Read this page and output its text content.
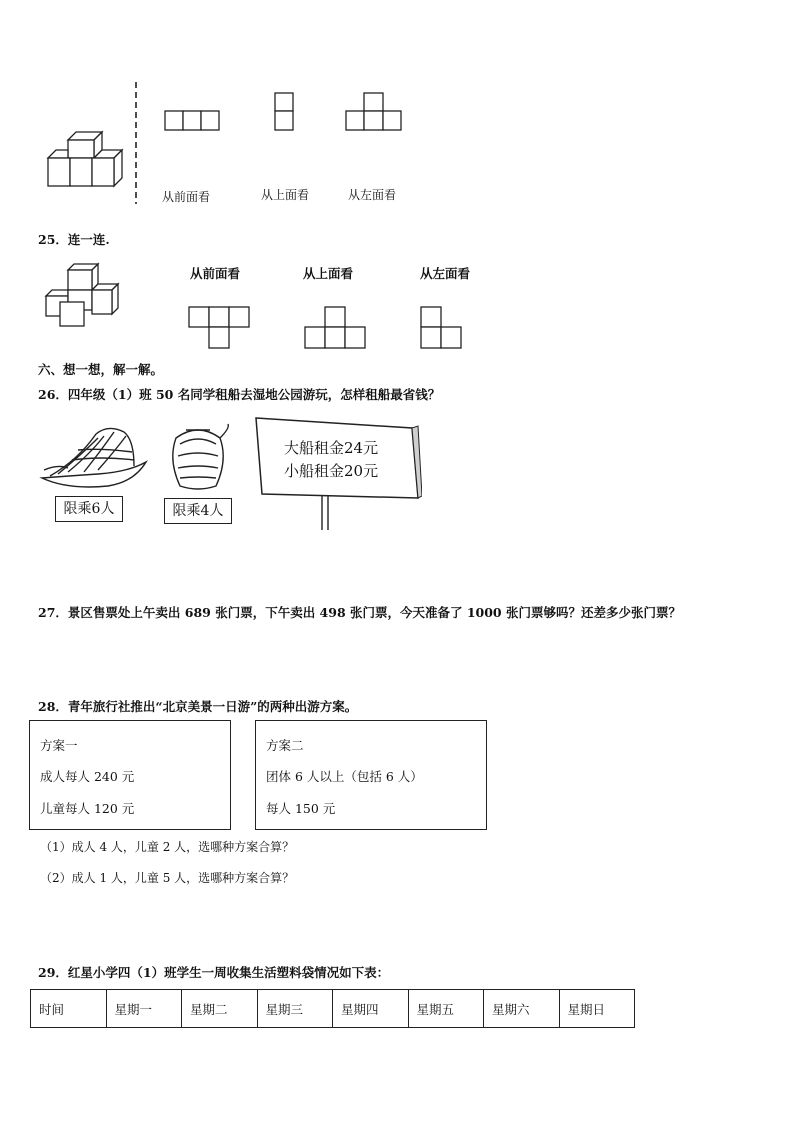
从前面看	从上面看	从左面看
25．连一连.
从前面看	从上面看	从左面看
六、想一想，解一解。
26．四年级（1）班 50 名同学租船去湿地公园游玩，怎样租船最省钱？
限乘6人	限乘4人
大船租金24元
小船租金20元
27．景区售票处上午卖出 689 张门票，下午卖出 498 张门票，今天准备了 1000 张门票够吗？还差多少张门票？
28．青年旅行社推出“北京美景一日游”的两种出游方案。
方案一
成人每人 240 元
儿童每人 120 元
方案二
团体 6 人以上（包括 6 人）
每人 150 元
（1）成人 4 人，儿童 2 人，选哪种方案合算？
（2）成人 1 人，儿童 5 人，选哪种方案合算？
29．红星小学四（1）班学生一周收集生活塑料袋情况如下表：
时间	星期一	星期二	星期三	星期四	星期五	星期六	星期日
